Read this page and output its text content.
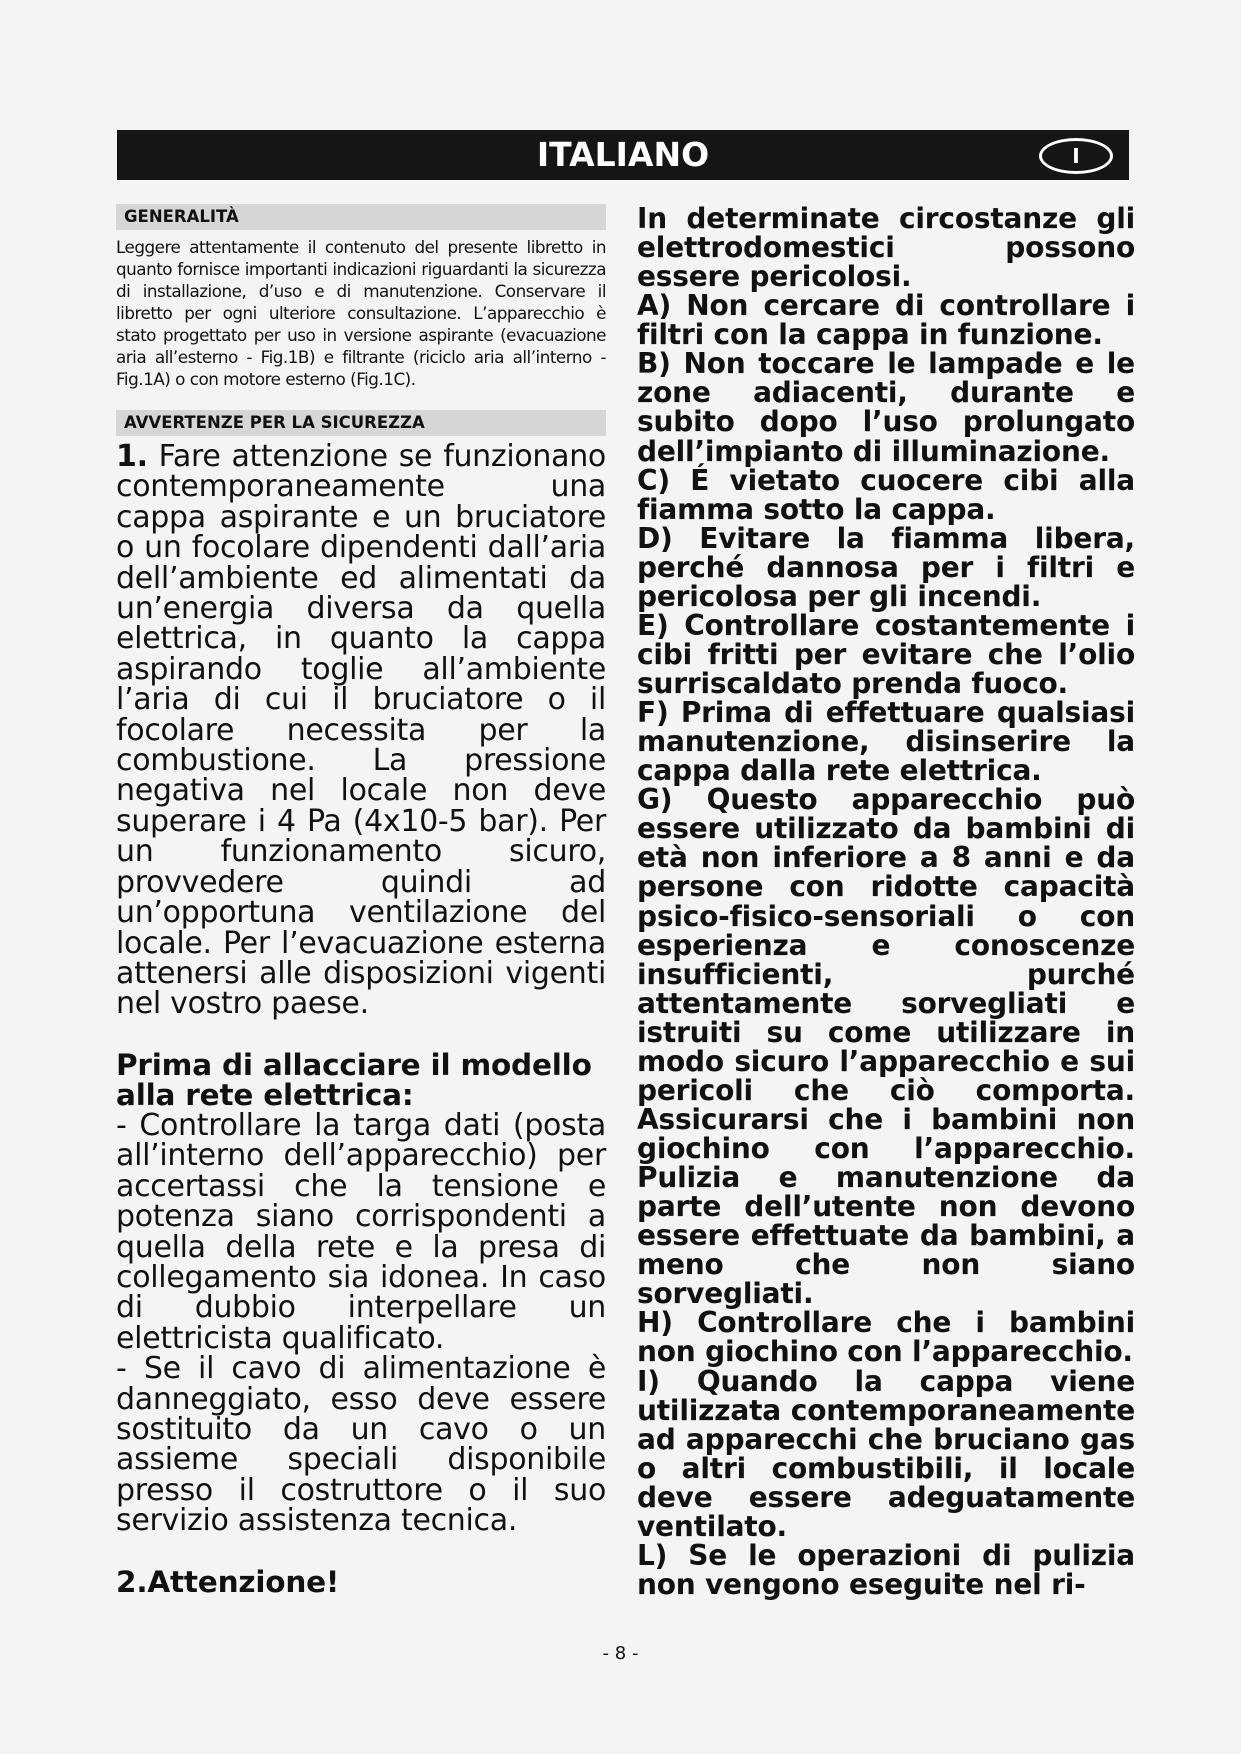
ITALIANO	I
GENERALITÀ

Leggere attentamente il contenuto del presente libretto in quanto fornisce importanti indicazioni riguardanti la sicurezza di installazione, d’uso e di manutenzione. Conservare il libretto per ogni ulteriore consultazione. L’apparecchio è stato progettato per uso in versione aspirante (evacuazione aria all’esterno - Fig.1B) e filtrante (riciclo aria all’interno - Fig.1A) o con motore esterno (Fig.1C).

AVVERTENZE PER LA SICUREZZA

1. Fare attenzione se funzionano contemporaneamente una cappa aspirante e un bruciatore o un focolare dipendenti dall’aria dell’ambiente ed alimentati da un’energia diversa da quella elettrica, in quanto la cappa aspirando toglie all’ambiente l’aria di cui il bruciatore o il focolare necessita per la combustione. La pressione negativa nel locale non deve superare i 4 Pa (4x10-5 bar). Per un funzionamento sicuro, provvedere quindi ad un’opportuna ventilazione del locale. Per l’evacuazione esterna attenersi alle disposizioni vigenti nel vostro paese.

Prima di allacciare il modello alla rete elettrica:

- Controllare la targa dati (posta all’interno dell’apparecchio) per accertassi che la tensione e potenza siano corrispondenti a quella della rete e la presa di collegamento sia idonea. In caso di dubbio interpellare un elettricista qualificato.

- Se il cavo di alimentazione è danneggiato, esso deve essere sostituito da un cavo o un assieme speciali disponibile presso il costruttore o il suo servizio assistenza tecnica.

2.Attenzione!

In determinate circostanze gli elettrodomestici possono essere pericolosi.

A) Non cercare di controllare i filtri con la cappa in funzione.

B) Non toccare le lampade e le zone adiacenti, durante e subito dopo l’uso prolungato dell’impianto di illuminazione.

C) É vietato cuocere cibi alla fiamma sotto la cappa.

D) Evitare la fiamma libera, perché dannosa per i filtri e pericolosa per gli incendi.

E) Controllare costantemente i cibi fritti per evitare che l’olio surriscaldato prenda fuoco.

F) Prima di effettuare qualsiasi manutenzione, disinserire la cappa dalla rete elettrica.

G) Questo apparecchio può essere utilizzato da bambini di età non inferiore a 8 anni e da persone con ridotte capacità psico-fisico-sensoriali o con esperienza e conoscenze insufficienti, purché attentamente sorvegliati e istruiti su come utilizzare in modo sicuro l’apparecchio e sui pericoli che ciò comporta. Assicurarsi che i bambini non giochino con l’apparecchio. Pulizia e manutenzione da parte dell’utente non devono essere effettuate da bambini, a meno che non siano sorvegliati.

H) Controllare che i bambini non giochino con l’apparecchio.

I) Quando la cappa viene utilizzata contemporaneamente ad apparecchi che bruciano gas o altri combustibili, il locale deve essere adeguatamente ventilato.

L) Se le operazioni di pulizia non vengono eseguite nel ri-

- 8 -
